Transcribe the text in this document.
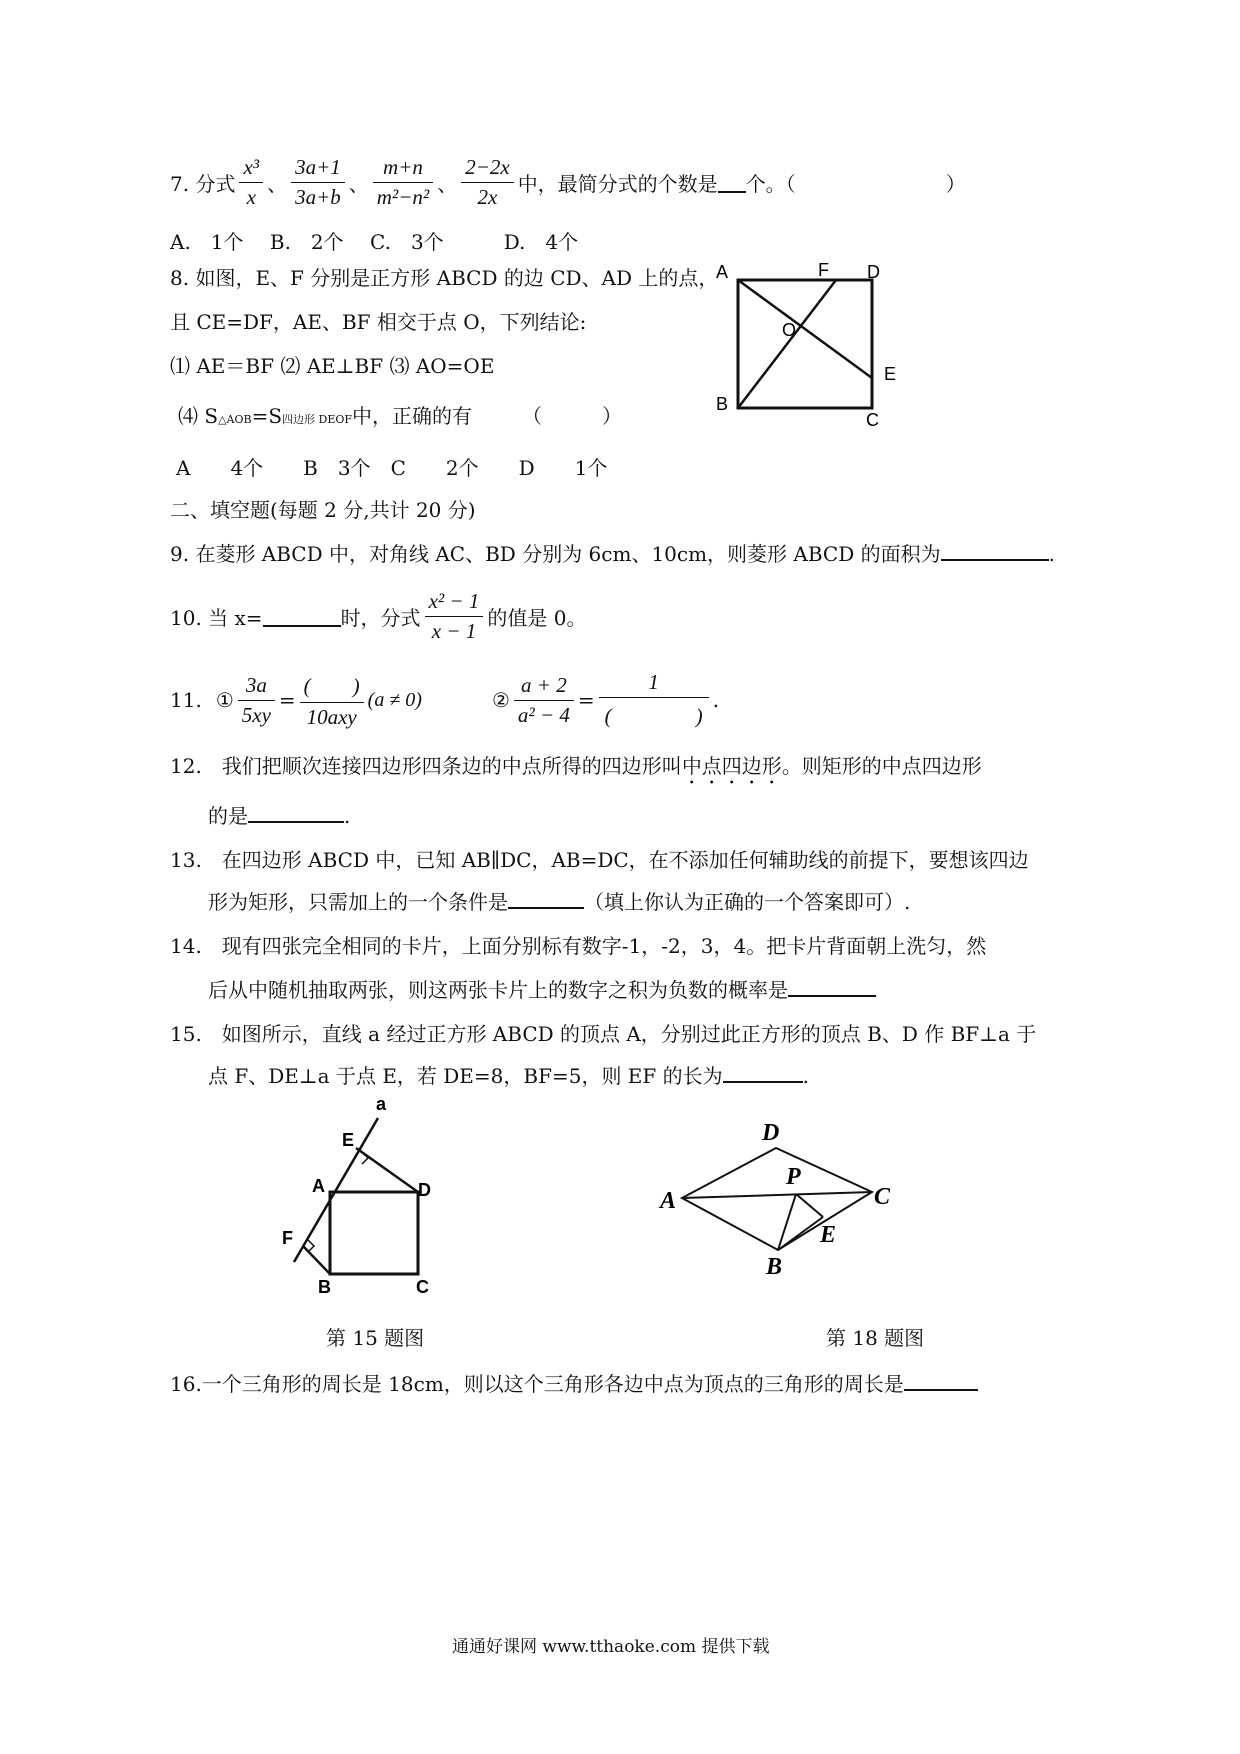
7. 分式 $\frac{\text{x³}}{x}$ 、 $\frac{3a+1}{3a+b}$ 、 $\frac{m+n}{\text{m²−n²}}$ 、 $\frac{2-2x}{2x}$ 中，最简分式的个数是 个。（	）
A.　1个　 B.　2个　 C.　3个　　　D.　4个
8. 如图，E、F 分别是正方形 ABCD 的边 CD、AD 上的点，
且 CE=DF，AE、BF 相交于点 O，下列结论:
⑴ AE＝BF ⑵ AE⊥BF ⑶ AO=OE
⑷ S△AOB=S四边形 DEOF中，正确的有　　　（　　　）
A　　4个　　B　3个　C　　2个　　D　　1个
A	F D
O
E
B
C
二、填空题(每题 2 分,共计 20 分)
9. 在菱形 ABCD 中，对角线 AC、BD 分别为 6cm、10cm，则菱形 ABCD 的面积为	.
10. 当 x=	时，分式 $\frac{\text{x² − 1}}{x - 1}$ 的值是 0。
11. ① $\frac{3a}{5xy} = \frac{( )}{\text{10axy}} (a \ne 0)$	② $\frac{a + 2}{\text{a² − 4}} = \frac{1}{( )}$ .
12.　我们把顺次连接四边形四条边的中点所得的四边形叫中点四边形。则矩形的中点四边形
的是	.
13.　在四边形 ABCD 中，已知 AB∥DC，AB=DC，在不添加任何辅助线的前提下，要想该四边
形为矩形，只需加上的一个条件是	（填上你认为正确的一个答案即可）.
14.　现有四张完全相同的卡片，上面分别标有数字-1，-2，3，4。把卡片背面朝上洗匀，然
后从中随机抽取两张，则这两张卡片上的数字之积为负数的概率是
15.　如图所示，直线 a 经过正方形 ABCD 的顶点 A，分别过此正方形的顶点 B、D 作 BF⊥a 于
点 F、DE⊥a 于点 E，若 DE=8，BF=5，则 EF 的长为	.
a
E
A	D
F
B	C
第 15 题图
D
P
A	C
E
B
第 18 题图
16.一个三角形的周长是 18cm，则以这个三角形各边中点为顶点的三角形的周长是
通通好课网 www.tthaoke.com 提供下载
